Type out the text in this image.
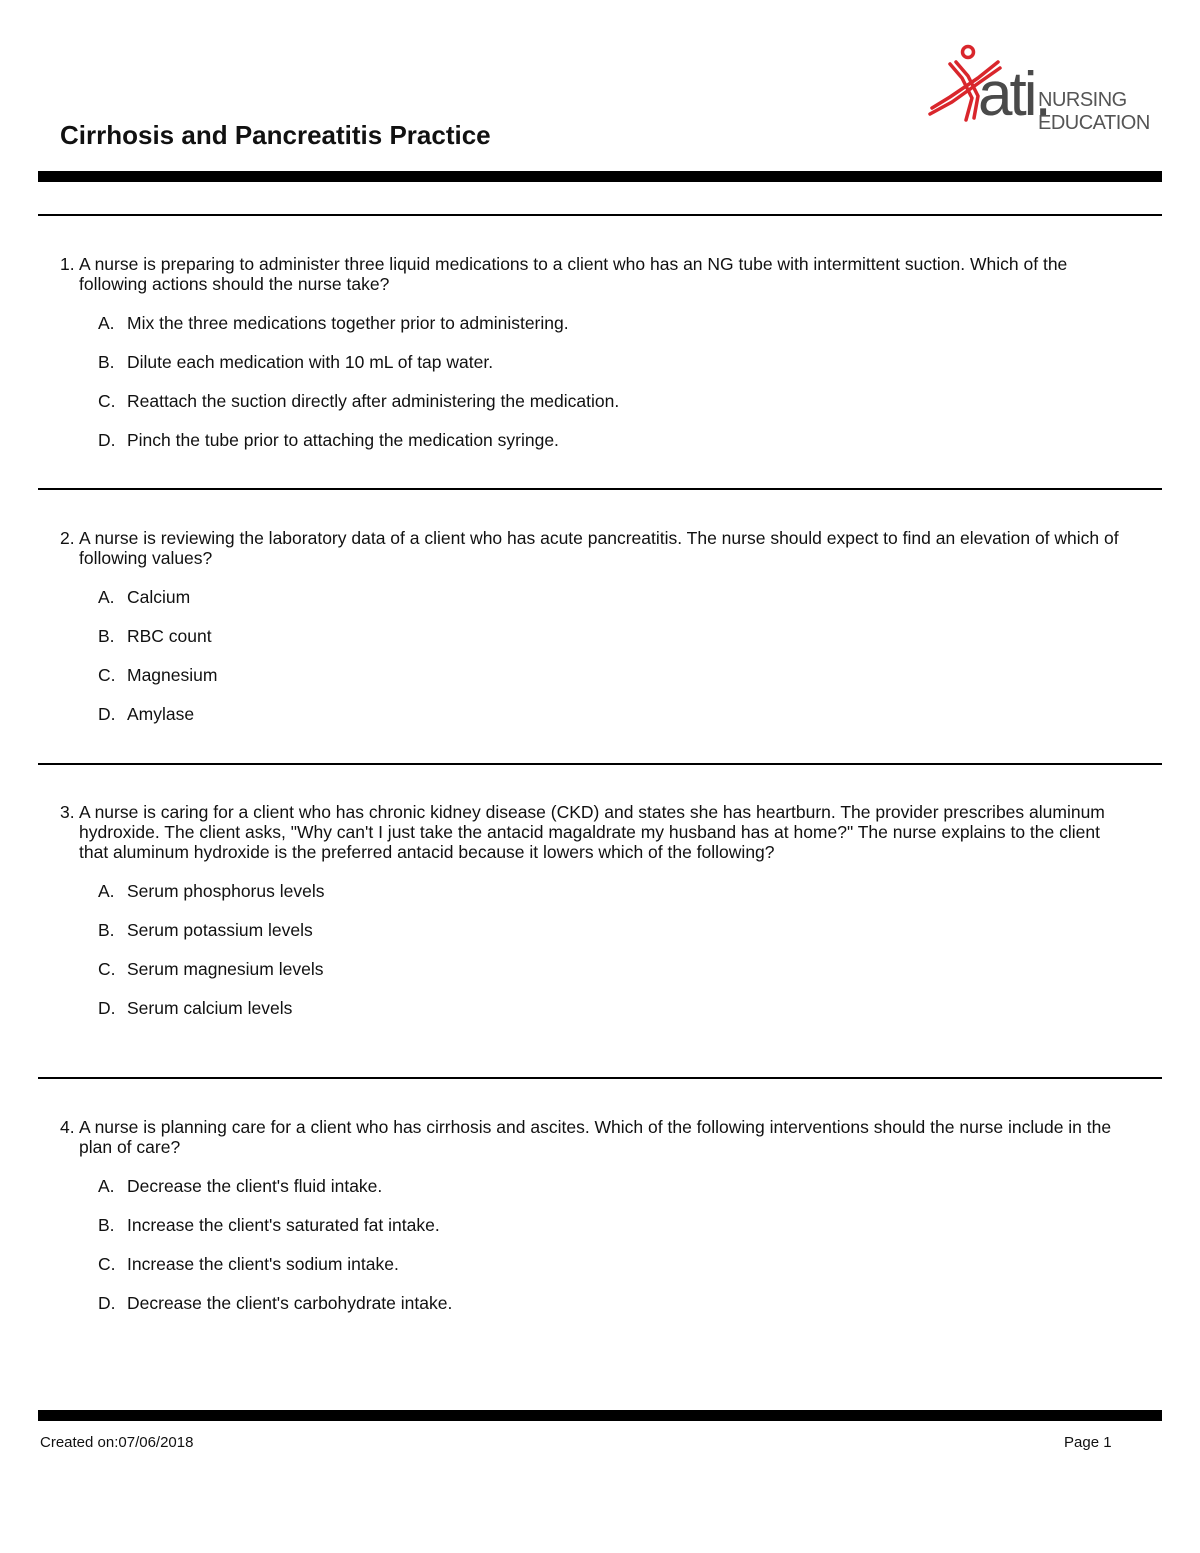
ati.
NURSING
EDUCATION
Cirrhosis and Pancreatitis Practice
1. A nurse is preparing to administer three liquid medications to a client who has an NG tube with intermittent suction. Which of the following actions should the nurse take?
A. Mix the three medications together prior to administering.
B. Dilute each medication with 10 mL of tap water.
C. Reattach the suction directly after administering the medication.
D. Pinch the tube prior to attaching the medication syringe.
2. A nurse is reviewing the laboratory data of a client who has acute pancreatitis. The nurse should expect to find an elevation of which of following values?
A. Calcium
B. RBC count
C. Magnesium
D. Amylase
3. A nurse is caring for a client who has chronic kidney disease (CKD) and states she has heartburn. The provider prescribes aluminum hydroxide. The client asks, "Why can't I just take the antacid magaldrate my husband has at home?" The nurse explains to the client that aluminum hydroxide is the preferred antacid because it lowers which of the following?
A. Serum phosphorus levels
B. Serum potassium levels
C. Serum magnesium levels
D. Serum calcium levels
4. A nurse is planning care for a client who has cirrhosis and ascites. Which of the following interventions should the nurse include in the plan of care?
A. Decrease the client's fluid intake.
B. Increase the client's saturated fat intake.
C. Increase the client's sodium intake.
D. Decrease the client's carbohydrate intake.
Created on:07/06/2018	Page 1
